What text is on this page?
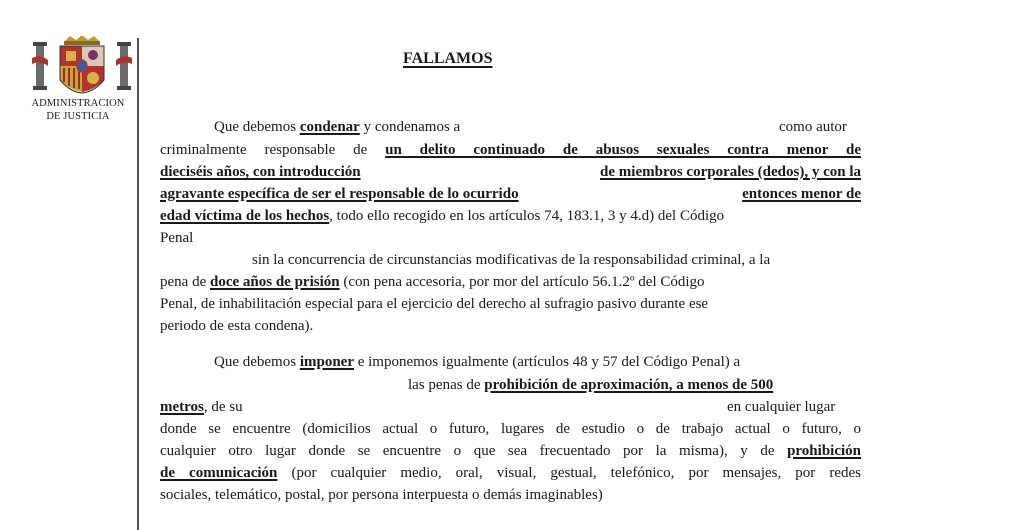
ADMINISTRACION
DE JUSTICIA
FALLAMOS
Que debemos condenar y condenamos a	como autor
criminalmente responsable de un delito continuado de abusos sexuales contra menor de
dieciséis años, con introducción	de miembros corporales (dedos), y con la
agravante específica de ser el responsable de lo ocurrido	entonces menor de
edad víctima de los hechos, todo ello recogido en los artículos 74, 183.1, 3 y 4.d) del Código
Penal
sin la concurrencia de circunstancias modificativas de la responsabilidad criminal, a la
pena de doce años de prisión (con pena accesoria, por mor del artículo 56.1.2º del Código
Penal, de inhabilitación especial para el ejercicio del derecho al sufragio pasivo durante ese
periodo de esta condena).
Que debemos imponer e imponemos igualmente (artículos 48 y 57 del Código Penal) a
las penas de prohibición de aproximación, a menos de 500
metros, de su	en cualquier lugar
donde se encuentre (domicilios actual o futuro, lugares de estudio o de trabajo actual o futuro, o
cualquier otro lugar donde se encuentre o que sea frecuentado por la misma), y de prohibición
de comunicación (por cualquier medio, oral, visual, gestual, telefónico, por mensajes, por redes
sociales, telemático, postal, por persona interpuesta o demás imaginables)
